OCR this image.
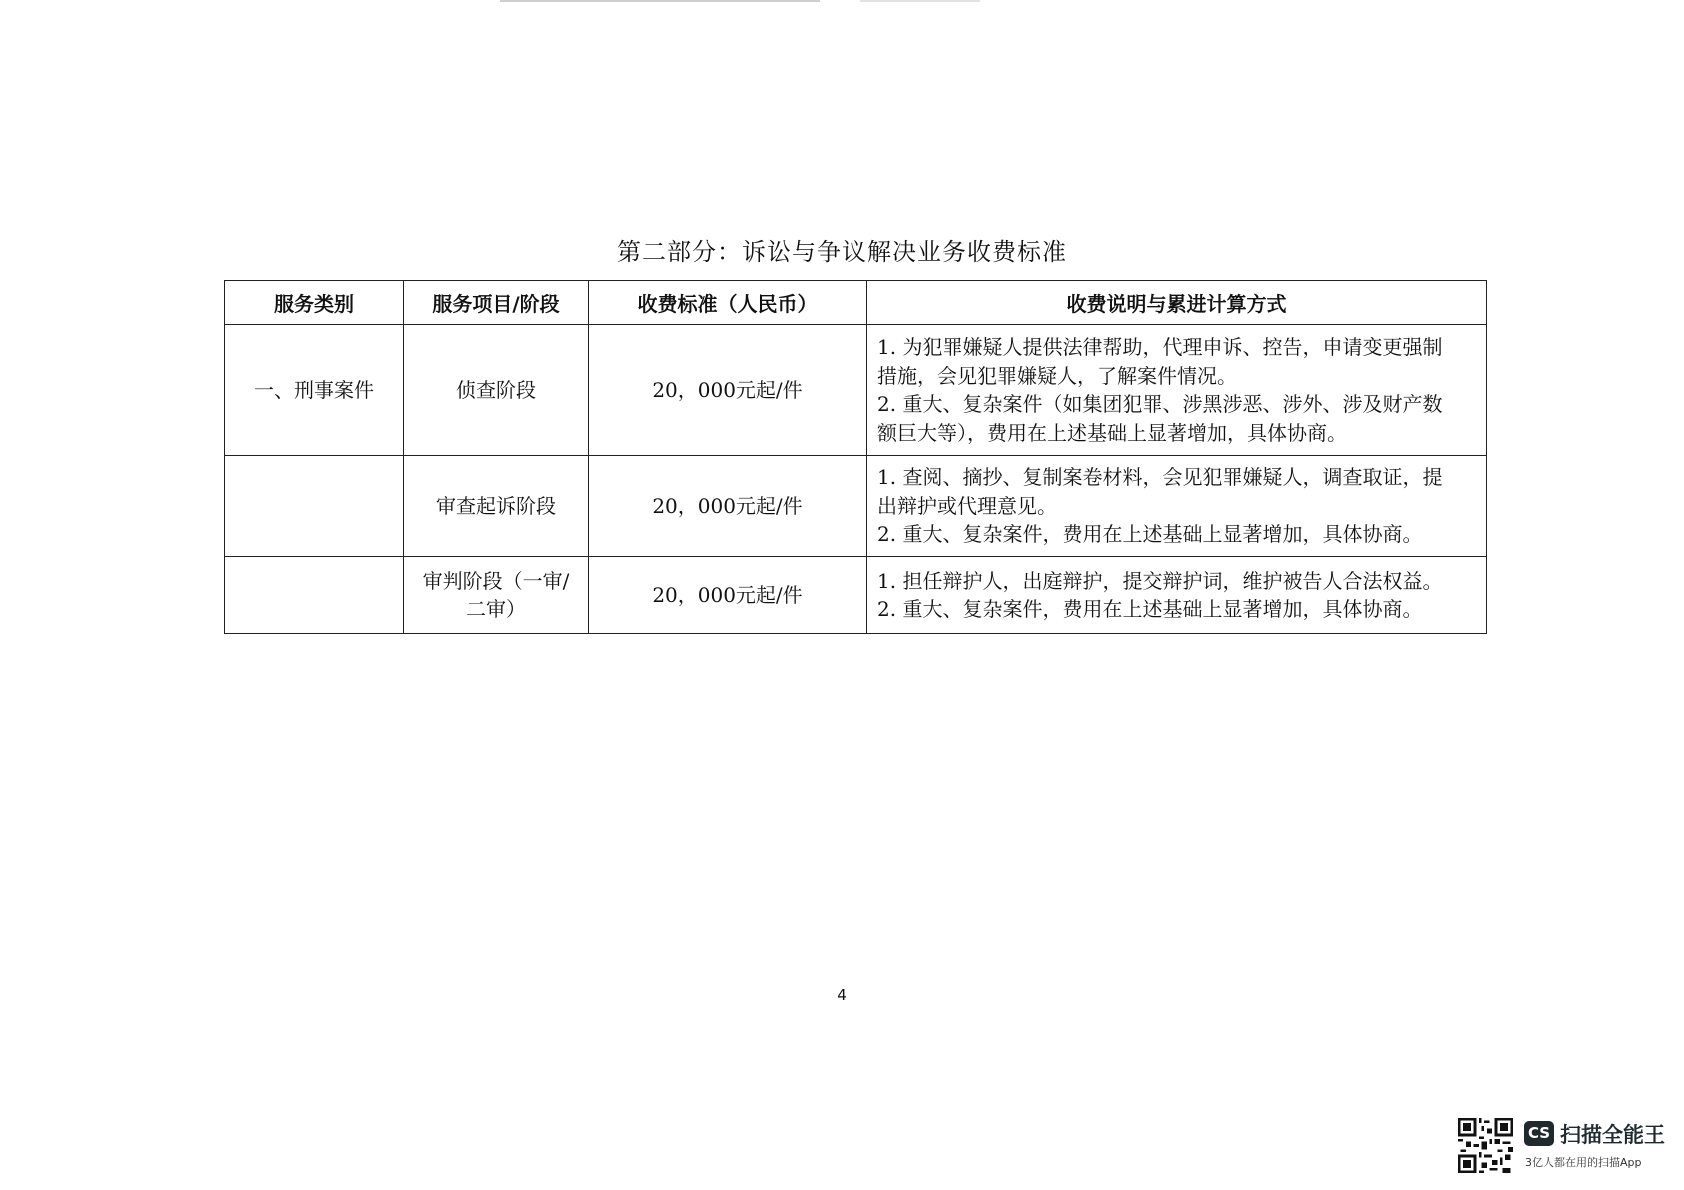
第二部分：诉讼与争议解决业务收费标准
服务类别	服务项目/阶段	收费标准（人民币）	收费说明与累进计算方式
一、刑事案件	侦查阶段	20，000元起/件	1. 为犯罪嫌疑人提供法律帮助，代理申诉、控告，申请变更强制
措施，会见犯罪嫌疑人，了解案件情况。
2. 重大、复杂案件（如集团犯罪、涉黑涉恶、涉外、涉及财产数
额巨大等），费用在上述基础上显著增加，具体协商。

	审查起诉阶段	20，000元起/件	1. 查阅、摘抄、复制案卷材料，会见犯罪嫌疑人，调查取证，提
出辩护或代理意见。
2. 重大、复杂案件，费用在上述基础上显著增加，具体协商。

	审判阶段（一审/
二审）	20，000元起/件	1. 担任辩护人，出庭辩护，提交辩护词，维护被告人合法权益。
2. 重大、复杂案件，费用在上述基础上显著增加，具体协商。
4
CS 扫描全能王
3亿人都在用的扫描App
